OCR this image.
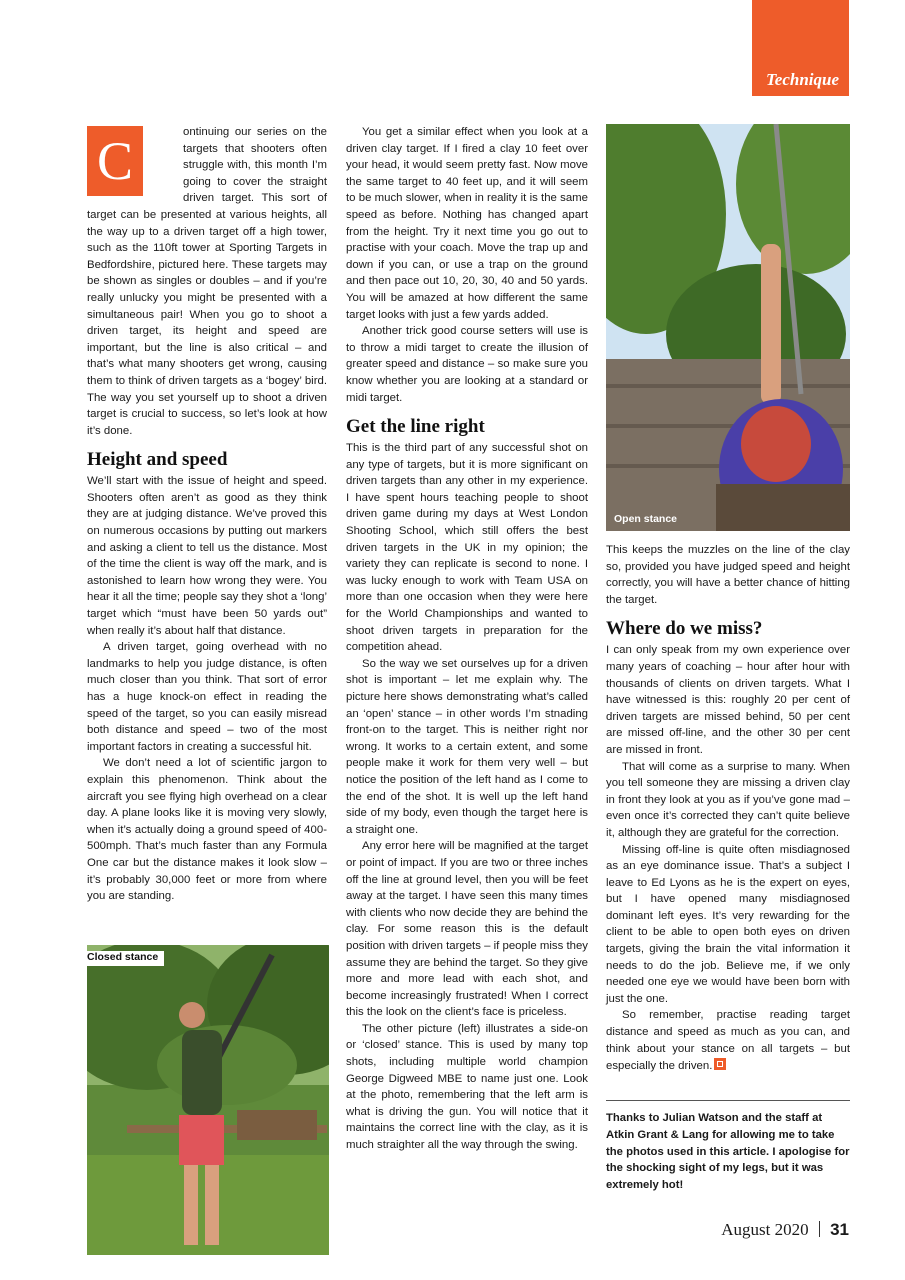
Technique
C	ontinuing our series on the targets that shooters often struggle with, this month I’m going to cover the straight driven target. This sort of target can be presented at various heights, all the way up to a driven target off a high tower, such as the 110ft tower at Sporting Targets in Bedfordshire, pictured here. These targets may be shown as singles or doubles – and if you’re really unlucky you might be presented with a simultaneous pair! When you go to shoot a driven target, its height and speed are important, but the line is also critical – and that’s what many shooters get wrong, causing them to think of driven targets as a ‘bogey’ bird. The way you set yourself up to shoot a driven target is crucial to success, so let’s look at how it’s done.

Height and speed

We’ll start with the issue of height and speed. Shooters often aren’t as good as they think they are at judging distance. We’ve proved this on numerous occasions by putting out markers and asking a client to tell us the distance. Most of the time the client is way off the mark, and is astonished to learn how wrong they were. You hear it all the time; people say they shot a ‘long’ target which “must have been 50 yards out” when really it’s about half that distance.

A driven target, going overhead with no landmarks to help you judge distance, is often much closer than you think. That sort of error has a huge knock-on effect in reading the speed of the target, so you can easily misread both distance and speed – two of the most important factors in creating a successful hit.

We don’t need a lot of scientific jargon to explain this phenomenon. Think about the aircraft you see flying high overhead on a clear day. A plane looks like it is moving very slowly, when it’s actually doing a ground speed of 400-500mph. That’s much faster than any Formula One car but the distance makes it look slow – it’s probably 30,000 feet or more from where you are standing.

Closed stance

You get a similar effect when you look at a driven clay target. If I fired a clay 10 feet over your head, it would seem pretty fast. Now move the same target to 40 feet up, and it will seem to be much slower, when in reality it is the same speed as before. Nothing has changed apart from the height. Try it next time you go out to practise with your coach. Move the trap up and down if you can, or use a trap on the ground and then pace out 10, 20, 30, 40 and 50 yards. You will be amazed at how different the same target looks with just a few yards added.

Another trick good course setters will use is to throw a midi target to create the illusion of greater speed and distance – so make sure you know whether you are looking at a standard or midi target.

Get the line right

This is the third part of any successful shot on any type of targets, but it is more significant on driven targets than any other in my experience. I have spent hours teaching people to shoot driven game during my days at West London Shooting School, which still offers the best driven targets in the UK in my opinion; the variety they can replicate is second to none. I was lucky enough to work with Team USA on more than one occasion when they were here for the World Championships and wanted to shoot driven targets in preparation for the competition ahead.

So the way we set ourselves up for a driven shot is important – let me explain why. The picture here shows demonstrating what’s called an ‘open’ stance – in other words I’m stnading front-on to the target. This is neither right nor wrong. It works to a certain extent, and some people make it work for them very well – but notice the position of the left hand as I come to the end of the shot. It is well up the left hand side of my body, even though the target here is a straight one.

Any error here will be magnified at the target or point of impact. If you are two or three inches off the line at ground level, then you will be feet away at the target. I have seen this many times with clients who now decide they are behind the clay. For some reason this is the default position with driven targets – if people miss they assume they are behind the target. So they give more and more lead with each shot, and become increasingly frustrated! When I correct this the look on the client’s face is priceless.

The other picture (left) illustrates a side-on or ‘closed’ stance. This is used by many top shots, including multiple world champion George Digweed MBE to name just one. Look at the photo, remembering that the left arm is what is driving the gun. You will notice that it maintains the correct line with the clay, as it is much straighter all the way through the swing.

Open stance

This keeps the muzzles on the line of the clay so, provided you have judged speed and height correctly, you will have a better chance of hitting the target.

Where do we miss?

I can only speak from my own experience over many years of coaching – hour after hour with thousands of clients on driven targets. What I have witnessed is this: roughly 20 per cent of driven targets are missed behind, 50 per cent are missed off-line, and the other 30 per cent are missed in front.

That will come as a surprise to many. When you tell someone they are missing a driven clay in front they look at you as if you’ve gone mad – even once it’s corrected they can’t quite believe it, although they are grateful for the correction.

Missing off-line is quite often misdiagnosed as an eye dominance issue. That’s a subject I leave to Ed Lyons as he is the expert on eyes, but I have opened many misdiagnosed dominant left eyes. It’s very rewarding for the client to be able to open both eyes on driven targets, giving the brain the vital information it needs to do the job. Believe me, if we only needed one eye we would have been born with just the one.

So remember, practise reading target distance and speed as much as you can, and think about your stance on all targets – but especially the driven.

Thanks to Julian Watson and the staff at Atkin Grant & Lang for allowing me to take the photos used in this article. I apologise for the shocking sight of my legs, but it was extremely hot!
August 2020 31
